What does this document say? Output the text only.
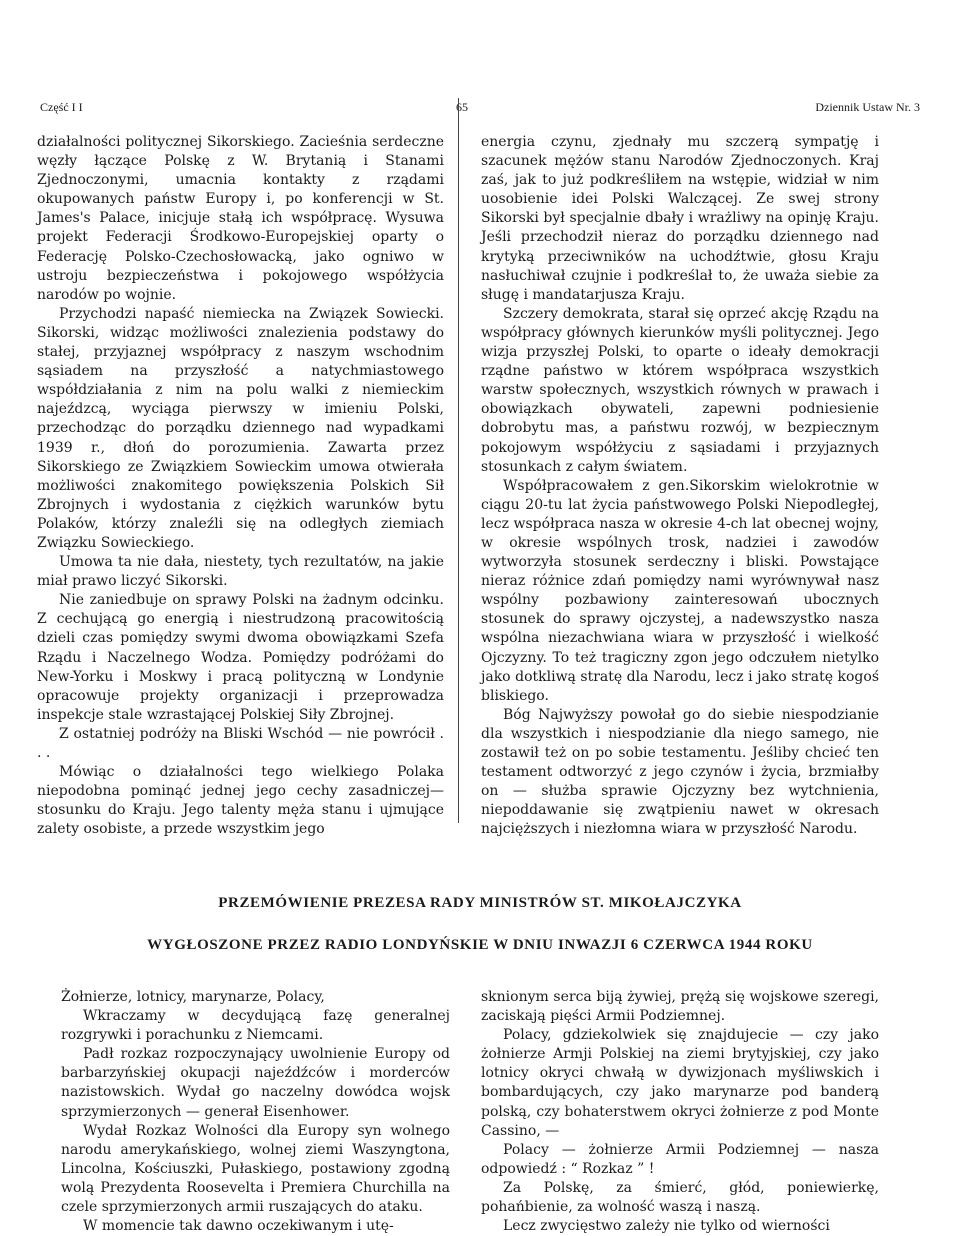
Część I I	65	Dziennik Ustaw Nr. 3

działalności politycznej Sikorskiego. Zacieśnia serdeczne węzły łączące Polskę z W. Brytanią i Stanami Zjednoczonymi, umacnia kontakty z rządami okupowanych państw Europy i, po konferencji w St. James's Palace, inicjuje stałą ich współpracę. Wysuwa projekt Federacji Środkowo-Europejskiej oparty o Federację Polsko-Czechosłowacką, jako ogniwo w ustroju bezpieczeństwa i pokojowego współżycia narodów po wojnie.

Przychodzi napaść niemiecka na Związek Sowiecki. Sikorski, widząc możliwości znalezienia podstawy do stałej, przyjaznej współpracy z naszym wschodnim sąsiadem na przyszłość a natychmiastowego współdziałania z nim na polu walki z niemieckim najeźdzcą, wyciąga pierwszy w imieniu Polski, przechodząc do porządku dziennego nad wypadkami 1939 r., dłoń do porozumienia. Zawarta przez Sikorskiego ze Związkiem Sowieckim umowa otwierała możliwości znakomitego powiększenia Polskich Sił Zbrojnych i wydostania z ciężkich warunków bytu Polaków, którzy znaleźli się na odległych ziemiach Związku Sowieckiego.

Umowa ta nie dała, niestety, tych rezultatów, na jakie miał prawo liczyć Sikorski.

Nie zaniedbuje on sprawy Polski na żadnym odcinku. Z cechującą go energią i niestrudzoną pracowitością dzieli czas pomiędzy swymi dwoma obowiązkami Szefa Rządu i Naczelnego Wodza. Pomiędzy podróżami do New-Yorku i Moskwy i pracą polityczną w Londynie opracowuje projekty organizacji i przeprowadza inspekcje stale wzrastającej Polskiej Siły Zbrojnej.

Z ostatniej podróży na Bliski Wschód — nie powrócił . . .

Mówiąc o działalności tego wielkiego Polaka niepodobna pominąć jednej jego cechy zasadniczej— stosunku do Kraju. Jego talenty męża stanu i ujmujące zalety osobiste, a przede wszystkim jego

energia czynu, zjednały mu szczerą sympatję i szacunek mężów stanu Narodów Zjednoczonych. Kraj zaś, jak to już podkreśliłem na wstępie, widział w nim uosobienie idei Polski Walczącej. Ze swej strony Sikorski był specjalnie dbały i wrażliwy na opinję Kraju. Jeśli przechodził nieraz do porządku dziennego nad krytyką przeciwników na uchodźtwie, głosu Kraju nasłuchiwał czujnie i podkreślał to, że uważa siebie za sługę i mandatarjusza Kraju.

Szczery demokrata, starał się oprzeć akcję Rządu na współpracy głównych kierunków myśli politycznej. Jego wizja przyszłej Polski, to oparte o ideały demokracji rządne państwo w którem współpraca wszystkich warstw społecznych, wszystkich równych w prawach i obowiązkach obywateli, zapewni podniesienie dobrobytu mas, a państwu rozwój, w bezpiecznym pokojowym współżyciu z sąsiadami i przyjaznych stosunkach z całym światem.

Współpracowałem z gen.Sikorskim wielokrotnie w ciągu 20-tu lat życia państwowego Polski Niepodległej, lecz współpraca nasza w okresie 4-ch lat obecnej wojny, w okresie wspólnych trosk, nadziei i zawodów wytworzyła stosunek serdeczny i bliski. Powstające nieraz różnice zdań pomiędzy nami wyrównywał nasz wspólny pozbawiony zainteresowań ubocznych stosunek do sprawy ojczystej, a nadewszystko nasza wspólna niezachwiana wiara w przyszłość i wielkość Ojczyzny. To też tragiczny zgon jego odczułem nietylko jako dotkliwą stratę dla Narodu, lecz i jako stratę kogoś bliskiego.

Bóg Najwyższy powołał go do siebie niespodzianie dla wszystkich i niespodzianie dla niego samego, nie zostawił też on po sobie testamentu. Jeśliby chcieć ten testament odtworzyć z jego czynów i życia, brzmiałby on — służba sprawie Ojczyzny bez wytchnienia, niepoddawanie się zwątpieniu nawet w okresach najcięższych i niezłomna wiara w przyszłość Narodu.

PRZEMÓWIENIE PREZESA RADY MINISTRÓW ST. MIKOŁAJCZYKA
WYGŁOSZONE PRZEZ RADIO LONDYŃSKIE W DNIU INWAZJI 6 CZERWCA 1944 ROKU

Żołnierze, lotnicy, marynarze, Polacy,

Wkraczamy w decydującą fazę generalnej rozgrywki i porachunku z Niemcami.

Padł rozkaz rozpoczynający uwolnienie Europy od barbarzyńskiej okupacji najeźdźców i morderców nazistowskich. Wydał go naczelny dowódca wojsk sprzymierzonych — generał Eisenhower.

Wydał Rozkaz Wolności dla Europy syn wolnego narodu amerykańskiego, wolnej ziemi Waszyngtona, Lincolna, Kościuszki, Pułaskiego, postawiony zgodną wolą Prezydenta Roosevelta i Premiera Churchilla na czele sprzymierzonych armii ruszających do ataku.

W momencie tak dawno oczekiwanym i utę-

sknionym serca biją żywiej, prężą się wojskowe szeregi, zaciskają pięści Armii Podziemnej.

Polacy, gdziekolwiek się znajdujecie — czy jako żołnierze Armji Polskiej na ziemi brytyjskiej, czy jako lotnicy okryci chwałą w dywizjonach myśliwskich i bombardujących, czy jako marynarze pod banderą polską, czy bohaterstwem okryci żołnierze z pod Monte Cassino, —

Polacy — żołnierze Armii Podziemnej — nasza odpowiedź : “ Rozkaz ” !

Za Polskę, za śmierć, głód, poniewierkę, pohańbienie, za wolność waszą i naszą.

Lecz zwycięstwo zależy nie tylko od wierności
